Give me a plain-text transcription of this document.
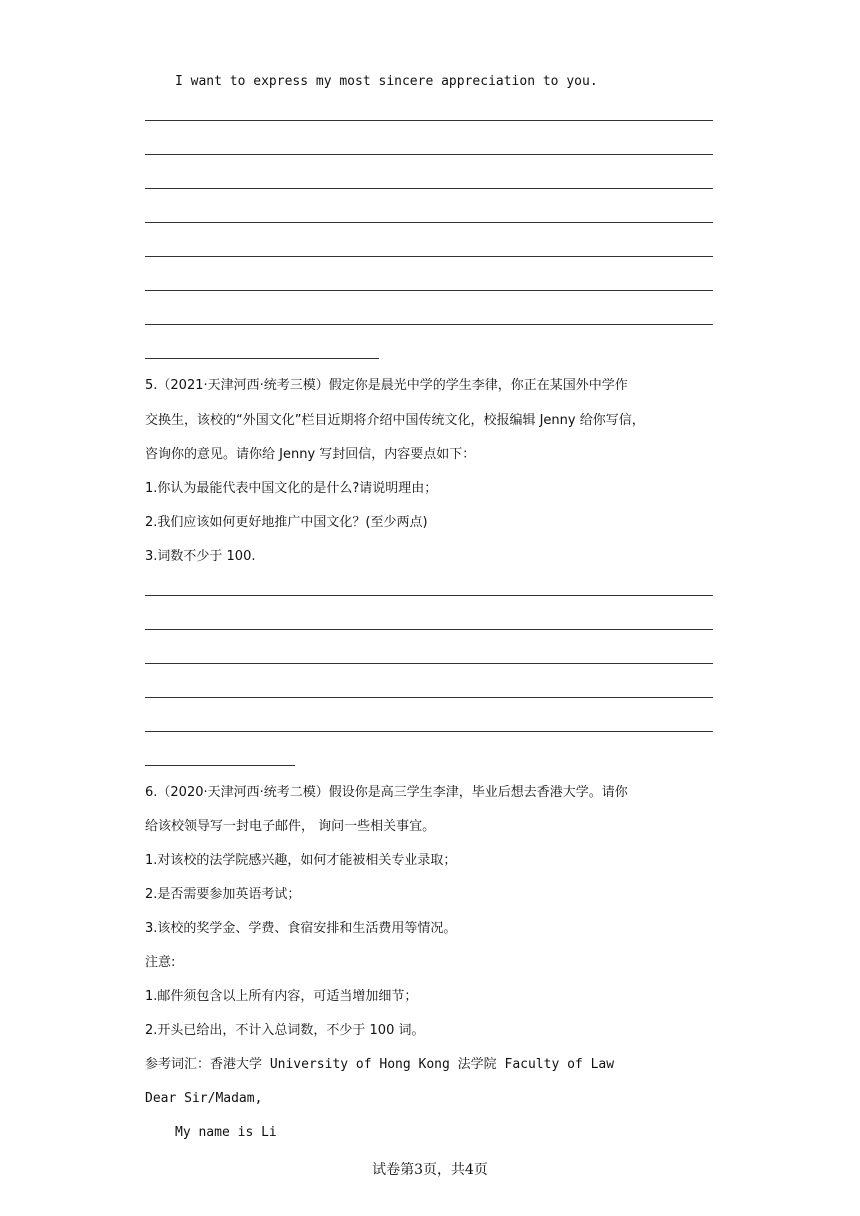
I want to express my most sincere appreciation to you.
5.（2021·天津河西·统考三模）假定你是晨光中学的学生李律，你正在某国外中学作
交换生，该校的“外国文化”栏目近期将介绍中国传统文化，校报编辑 Jenny 给你写信，
咨询你的意见。请你给 Jenny 写封回信，内容要点如下：
1.你认为最能代表中国文化的是什么?请说明理由；
2.我们应该如何更好地推广中国文化？(至少两点)
3.词数不少于 100.
6.（2020·天津河西·统考二模）假设你是高三学生李津，毕业后想去香港大学。请你
给该校领导写一封电子邮件， 询问一些相关事宜。
1.对该校的法学院感兴趣，如何才能被相关专业录取；
2.是否需要参加英语考试；
3.该校的奖学金、学费、食宿安排和生活费用等情况。
注意:
1.邮件须包含以上所有内容，可适当增加细节；
2.开头已给出，不计入总词数，不少于 100 词。
参考词汇：香港大学 University of Hong Kong 法学院 Faculty of Law
Dear Sir/Madam,
My name is Li
试卷第3页，共4页
